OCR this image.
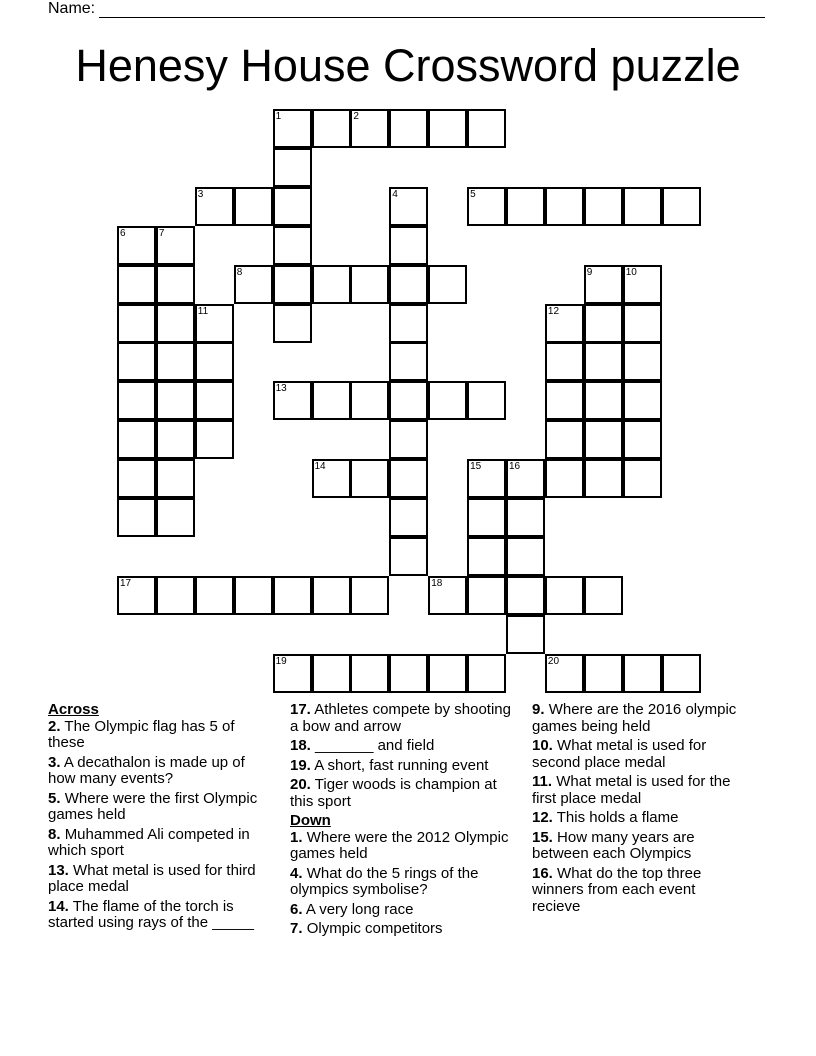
Name:
Henesy House Crossword puzzle
1	2
3	4	5
6	7
8	9	10
11	12
13
14	15	16
17	18
19	20
Across
2. The Olympic flag has 5 of these
3. A decathalon is made up of how many events?
5. Where were the first Olympic games held
8. Muhammed Ali competed in which sport
13. What metal is used for third place medal
14. The flame of the torch is started using rays of the _____
17. Athletes compete by shooting a bow and arrow
18. _______ and field
19. A short, fast running event
20. Tiger woods is champion at this sport
Down
1. Where were the 2012 Olympic games held
4. What do the 5 rings of the olympics symbolise?
6. A very long race
7. Olympic competitors
9. Where are the 2016 olympic games being held
10. What metal is used for second place medal
11. What metal is used for the first place medal
12. This holds a flame
15. How many years are between each Olympics
16. What do the top three winners from each event recieve
